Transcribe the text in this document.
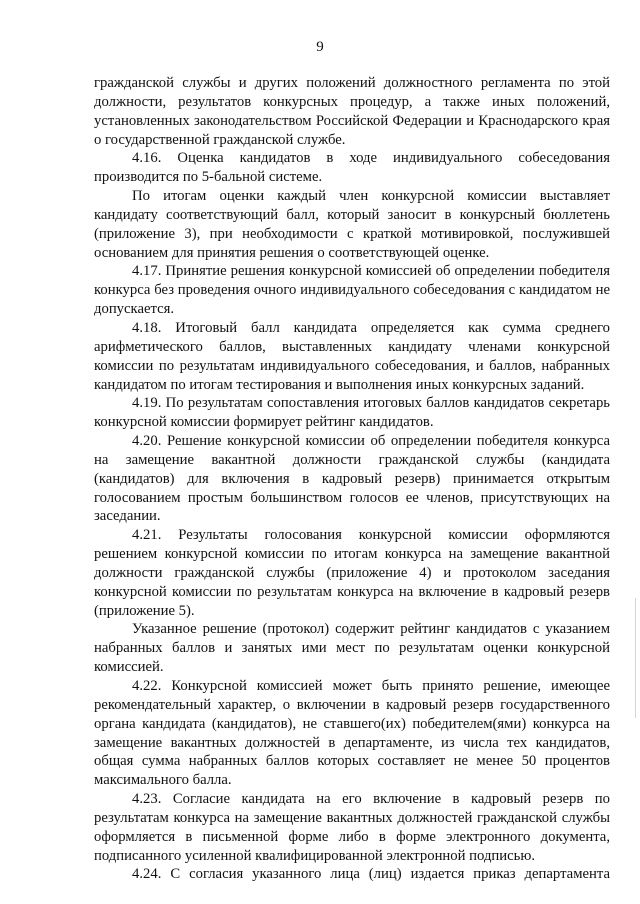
9

гражданской службы и других положений должностного регламента по этой должности, результатов конкурсных процедур, а также иных положений, установленных законодательством Российской Федерации и Краснодарского края о государственной гражданской службе.

4.16. Оценка кандидатов в ходе индивидуального собеседования производится по 5-бальной системе.

По итогам оценки каждый член конкурсной комиссии выставляет кандидату соответствующий балл, который заносит в конкурсный бюллетень (приложение 3), при необходимости с краткой мотивировкой, послужившей основанием для принятия решения о соответствующей оценке.

4.17. Принятие решения конкурсной комиссией об определении победителя конкурса без проведения очного индивидуального собеседования с кандидатом не допускается.

4.18. Итоговый балл кандидата определяется как сумма среднего арифметического баллов, выставленных кандидату членами конкурсной комиссии по результатам индивидуального собеседования, и баллов, набранных кандидатом по итогам тестирования и выполнения иных конкурсных заданий.

4.19. По результатам сопоставления итоговых баллов кандидатов секретарь конкурсной комиссии формирует рейтинг кандидатов.

4.20. Решение конкурсной комиссии об определении победителя конкурса на замещение вакантной должности гражданской службы (кандидата (кандидатов) для включения в кадровый резерв) принимается открытым голосованием простым большинством голосов ее членов, присутствующих на заседании.

4.21. Результаты голосования конкурсной комиссии оформляются решением конкурсной комиссии по итогам конкурса на замещение вакантной должности гражданской службы (приложение 4) и протоколом заседания конкурсной комиссии по результатам конкурса на включение в кадровый резерв (приложение 5).

Указанное решение (протокол) содержит рейтинг кандидатов с указанием набранных баллов и занятых ими мест по результатам оценки конкурсной комиссией.

4.22. Конкурсной комиссией может быть принято решение, имеющее рекомендательный характер, о включении в кадровый резерв государственного органа кандидата (кандидатов), не ставшего(их) победителем(ями) конкурса на замещение вакантных должностей в департаменте, из числа тех кандидатов, общая сумма набранных баллов которых составляет не менее 50 процентов максимального балла.

4.23. Согласие кандидата на его включение в кадровый резерв по результатам конкурса на замещение вакантных должностей гражданской службы оформляется в письменной форме либо в форме электронного документа, подписанного усиленной квалифицированной электронной подписью.

4.24. С согласия указанного лица (лиц) издается приказ департамента
